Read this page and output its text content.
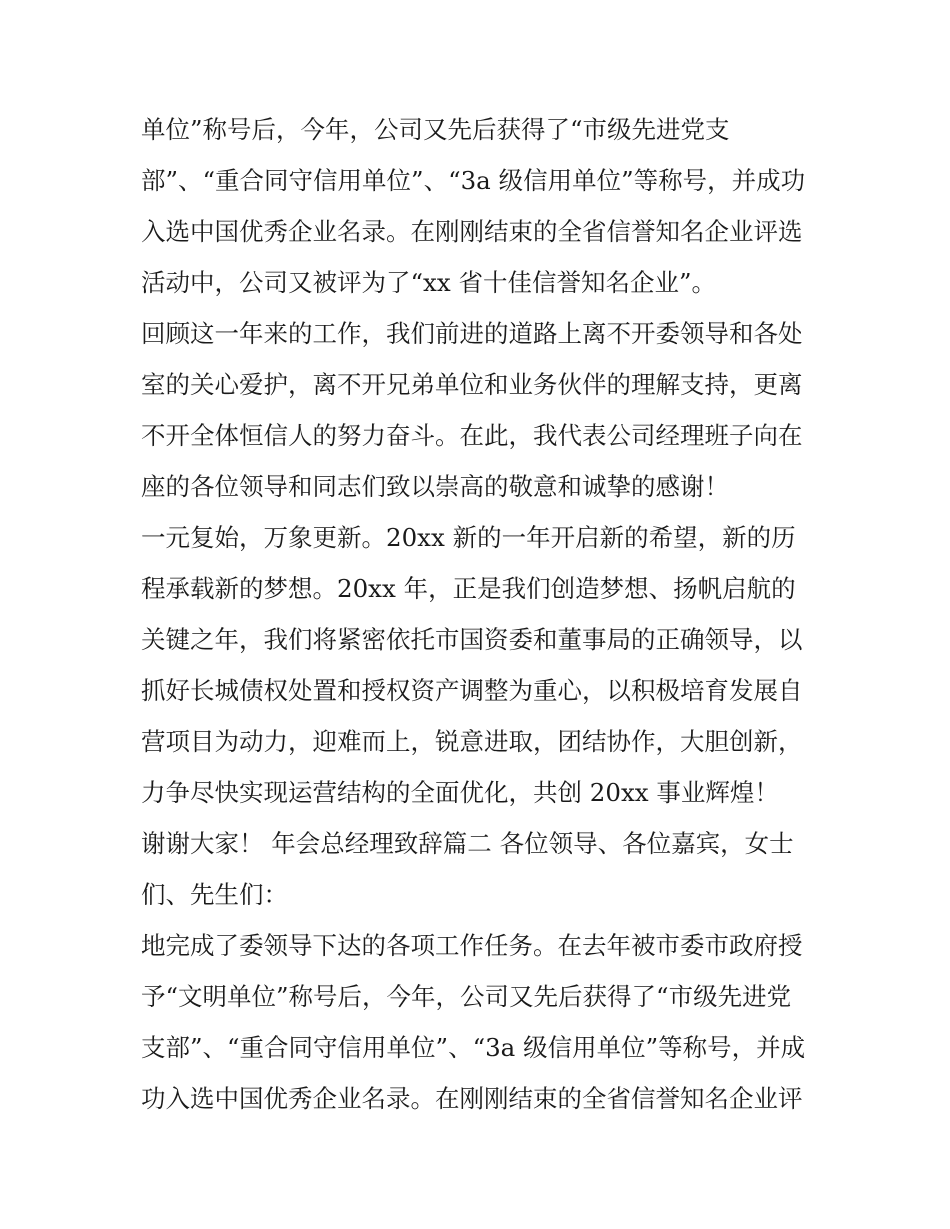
单位”称号后，今年，公司又先后获得了“市级先进党支
部”、“重合同守信用单位”、“3a 级信用单位”等称号，并成功
入选中国优秀企业名录。在刚刚结束的全省信誉知名企业评选
活动中，公司又被评为了“xx 省十佳信誉知名企业”。
回顾这一年来的工作，我们前进的道路上离不开委领导和各处
室的关心爱护，离不开兄弟单位和业务伙伴的理解支持，更离
不开全体恒信人的努力奋斗。在此，我代表公司经理班子向在
座的各位领导和同志们致以崇高的敬意和诚挚的感谢！
一元复始，万象更新。20xx 新的一年开启新的希望，新的历
程承载新的梦想。20xx 年，正是我们创造梦想、扬帆启航的
关键之年，我们将紧密依托市国资委和董事局的正确领导，以
抓好长城债权处置和授权资产调整为重心，以积极培育发展自
营项目为动力，迎难而上，锐意进取，团结协作，大胆创新，
力争尽快实现运营结构的全面优化，共创 20xx 事业辉煌！
谢谢大家！ 年会总经理致辞篇二 各位领导、各位嘉宾，女士
们、先生们：
地完成了委领导下达的各项工作任务。在去年被市委市政府授
予“文明单位”称号后，今年，公司又先后获得了“市级先进党
支部”、“重合同守信用单位”、“3a 级信用单位”等称号，并成
功入选中国优秀企业名录。在刚刚结束的全省信誉知名企业评
